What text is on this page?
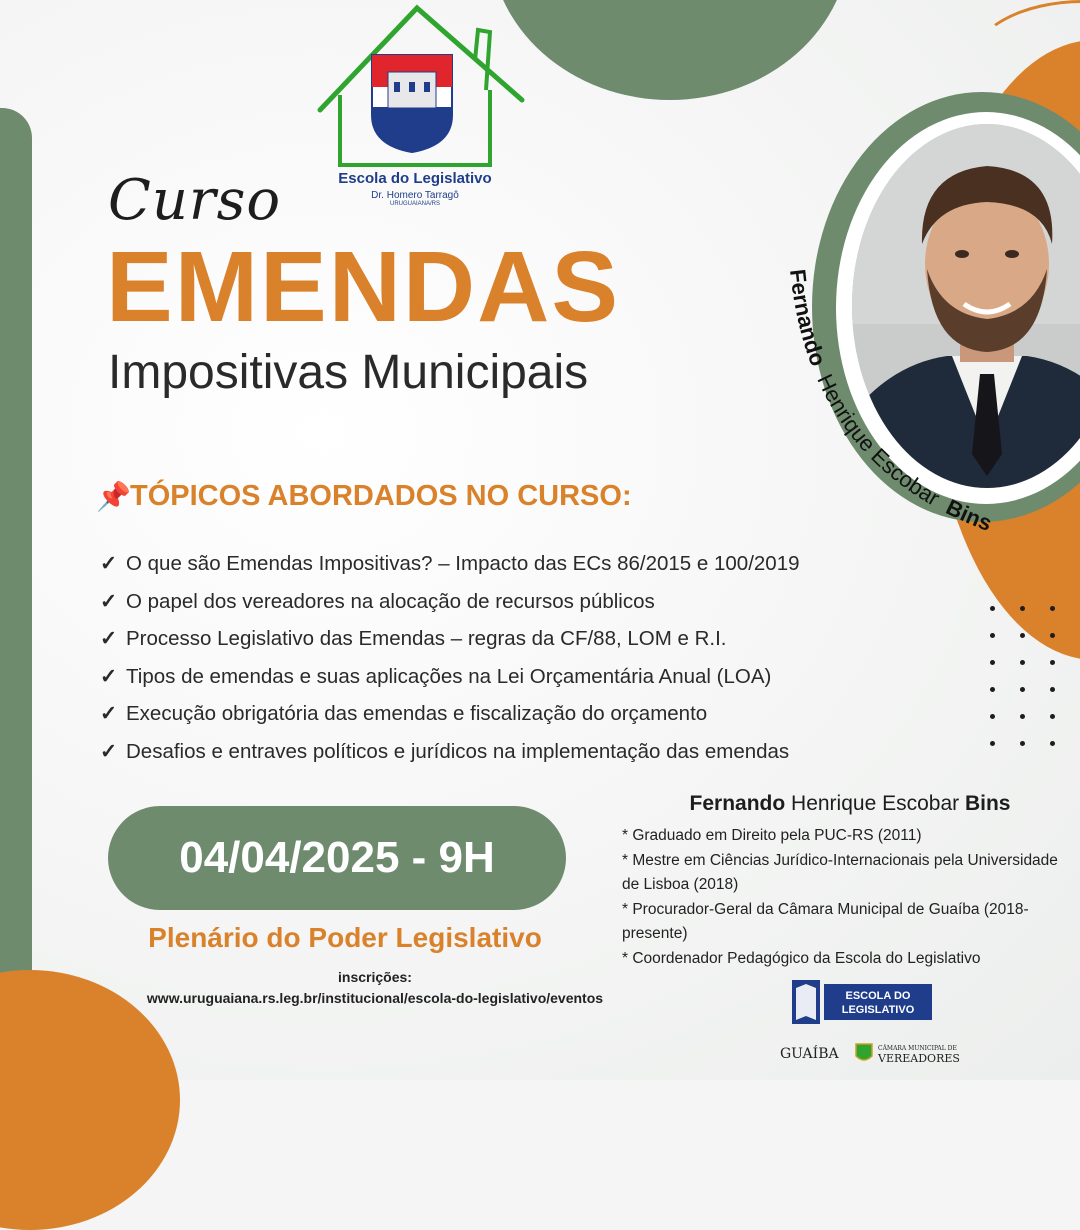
Fernando Henrique Escobar Bins
Escola do Legislativo
Dr. Homero Tarragô
URUGUAIANA/RS
Curso
EMENDAS
Impositivas Municipais
📌 TÓPICOS ABORDADOS NO CURSO:
✓ O que são Emendas Impositivas? – Impacto das ECs 86/2015 e 100/2019
✓ O papel dos vereadores na alocação de recursos públicos
✓ Processo Legislativo das Emendas – regras da CF/88, LOM e R.I.
✓ Tipos de emendas e suas aplicações na Lei Orçamentária Anual (LOA)
✓ Execução obrigatória das emendas e fiscalização do orçamento
✓ Desafios e entraves políticos e jurídicos na implementação das emendas
04/04/2025 - 9H
Plenário do Poder Legislativo
inscrições:
www.uruguaiana.rs.leg.br/institucional/escola-do-legislativo/eventos
Fernando Henrique Escobar Bins
* Graduado em Direito pela PUC-RS (2011)
* Mestre em Ciências Jurídico-Internacionais pela Universidade de Lisboa (2018)
* Procurador-Geral da Câmara Municipal de Guaíba (2018-presente)
* Coordenador Pedagógico da Escola do Legislativo
ESCOLA DO
LEGISLATIVO
GUAÍBA	CÂMARA MUNICIPAL DE
VEREADORES
